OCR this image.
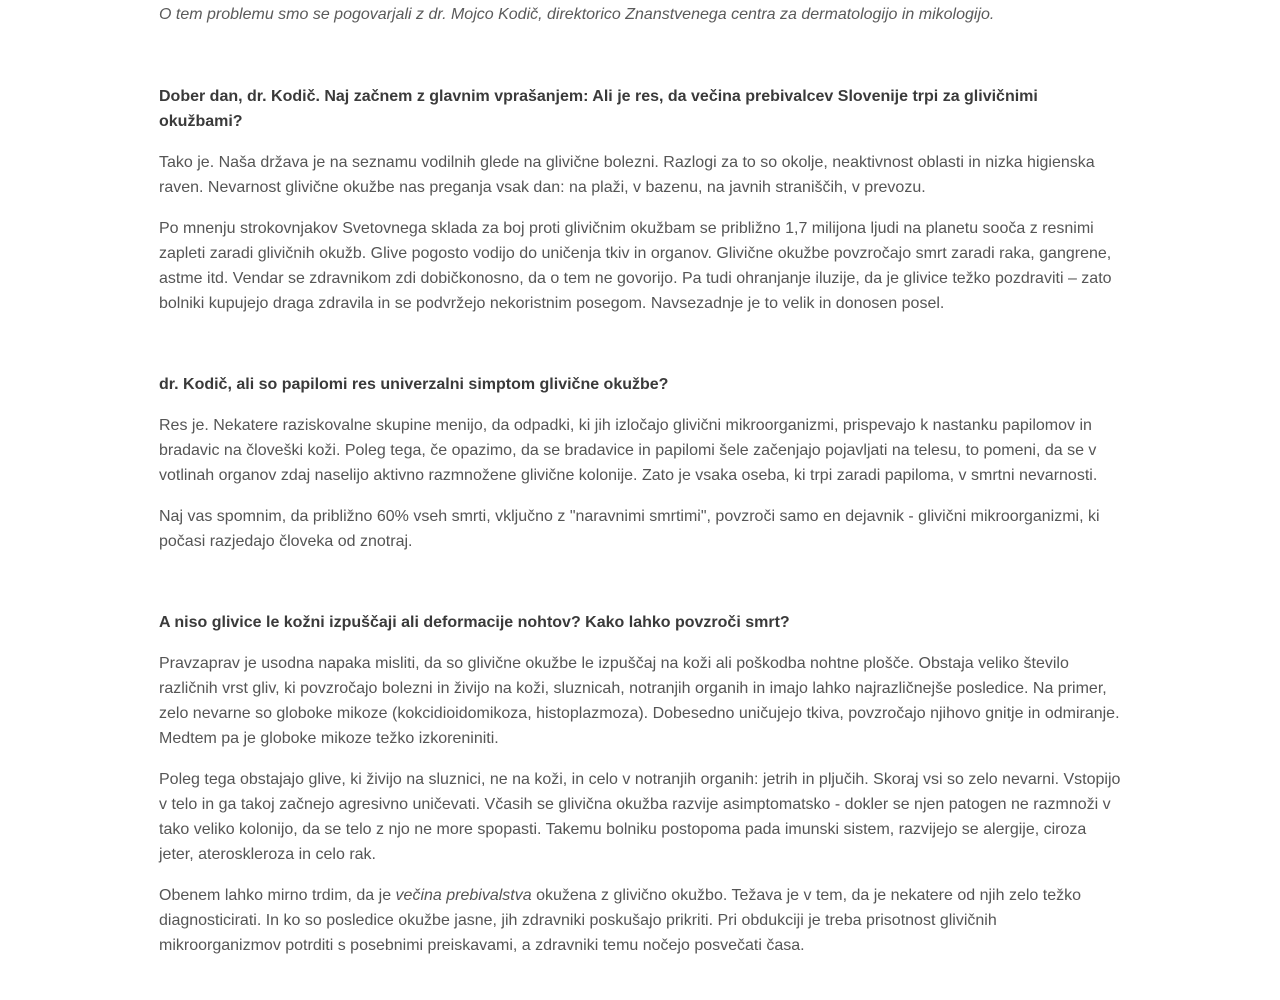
O tem problemu smo se pogovarjali z dr. Mojco Kodič, direktorico Znanstvenega centra za dermatologijo in mikologijo.

Dober dan, dr. Kodič. Naj začnem z glavnim vprašanjem: Ali je res, da večina prebivalcev Slovenije trpi za glivičnimi okužbami?

Tako je. Naša država je na seznamu vodilnih glede na glivične bolezni. Razlogi za to so okolje, neaktivnost oblasti in nizka higienska raven. Nevarnost glivične okužbe nas preganja vsak dan: na plaži, v bazenu, na javnih straniščih, v prevozu.

Po mnenju strokovnjakov Svetovnega sklada za boj proti glivičnim okužbam se približno 1,7 milijona ljudi na planetu sooča z resnimi zapleti zaradi glivičnih okužb. Glive pogosto vodijo do uničenja tkiv in organov. Glivične okužbe povzročajo smrt zaradi raka, gangrene, astme itd. Vendar se zdravnikom zdi dobičkonosno, da o tem ne govorijo. Pa tudi ohranjanje iluzije, da je glivice težko pozdraviti – zato bolniki kupujejo draga zdravila in se podvržejo nekoristnim posegom. Navsezadnje je to velik in donosen posel.

dr. Kodič, ali so papilomi res univerzalni simptom glivične okužbe?

Res je. Nekatere raziskovalne skupine menijo, da odpadki, ki jih izločajo glivični mikroorganizmi, prispevajo k nastanku papilomov in bradavic na človeški koži. Poleg tega, če opazimo, da se bradavice in papilomi šele začenjajo pojavljati na telesu, to pomeni, da se v votlinah organov zdaj naselijo aktivno razmnožene glivične kolonije. Zato je vsaka oseba, ki trpi zaradi papiloma, v smrtni nevarnosti.

Naj vas spomnim, da približno 60% vseh smrti, vključno z "naravnimi smrtimi", povzroči samo en dejavnik - glivični mikroorganizmi, ki počasi razjedajo človeka od znotraj.

A niso glivice le kožni izpuščaji ali deformacije nohtov? Kako lahko povzroči smrt?

Pravzaprav je usodna napaka misliti, da so glivične okužbe le izpuščaj na koži ali poškodba nohtne plošče. Obstaja veliko število različnih vrst gliv, ki povzročajo bolezni in živijo na koži, sluznicah, notranjih organih in imajo lahko najrazličnejše posledice. Na primer, zelo nevarne so globoke mikoze (kokcidioidomikoza, histoplazmoza). Dobesedno uničujejo tkiva, povzročajo njihovo gnitje in odmiranje. Medtem pa je globoke mikoze težko izkoreniniti.

Poleg tega obstajajo glive, ki živijo na sluznici, ne na koži, in celo v notranjih organih: jetrih in pljučih. Skoraj vsi so zelo nevarni. Vstopijo v telo in ga takoj začnejo agresivno uničevati. Včasih se glivična okužba razvije asimptomatsko - dokler se njen patogen ne razmnoži v tako veliko kolonijo, da se telo z njo ne more spopasti. Takemu bolniku postopoma pada imunski sistem, razvijejo se alergije, ciroza jeter, ateroskleroza in celo rak.

Obenem lahko mirno trdim, da je večina prebivalstva okužena z glivično okužbo. Težava je v tem, da je nekatere od njih zelo težko diagnosticirati. In ko so posledice okužbe jasne, jih zdravniki poskušajo prikriti. Pri obdukciji je treba prisotnost glivičnih mikroorganizmov potrditi s posebnimi preiskavami, a zdravniki temu nočejo posvečati časa.
